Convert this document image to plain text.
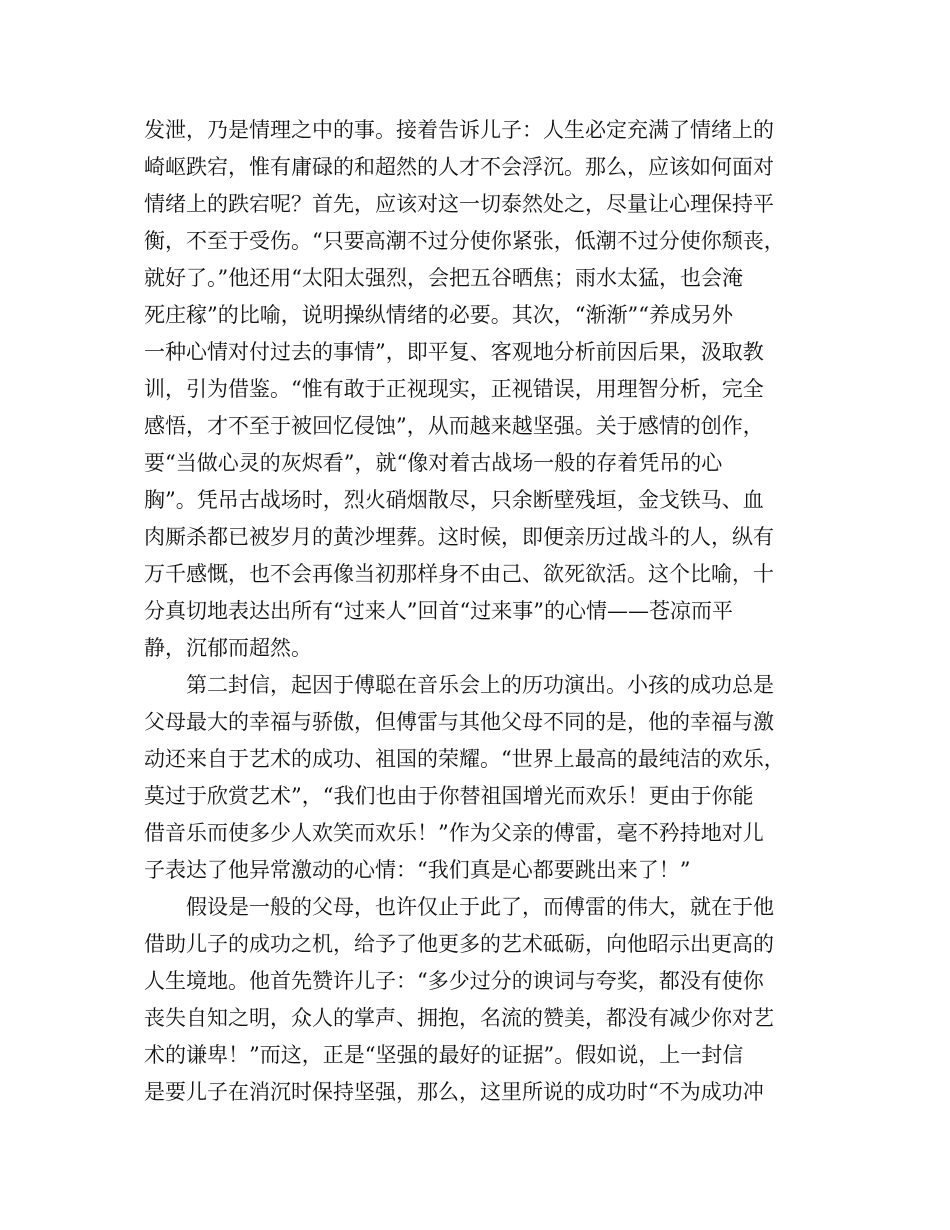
发泄，乃是情理之中的事。接着告诉儿子：人生必定充满了情绪上的
崎岖跌宕，惟有庸碌的和超然的人才不会浮沉。那么，应该如何面对
情绪上的跌宕呢？首先，应该对这一切泰然处之，尽量让心理保持平
衡，不至于受伤。“只要高潮不过分使你紧张，低潮不过分使你颓丧，
就好了。”他还用“太阳太强烈，会把五谷晒焦；雨水太猛，也会淹
死庄稼”的比喻，说明操纵情绪的必要。其次，“渐渐”“养成另外
一种心情对付过去的事情”，即平复、客观地分析前因后果，汲取教
训，引为借鉴。“惟有敢于正视现实，正视错误，用理智分析，完全
感悟，才不至于被回忆侵蚀”，从而越来越坚强。关于感情的创作，
要“当做心灵的灰烬看”，就“像对着古战场一般的存着凭吊的心
胸”。凭吊古战场时，烈火硝烟散尽，只余断壁残垣，金戈铁马、血
肉厮杀都已被岁月的黄沙埋葬。这时候，即便亲历过战斗的人，纵有
万千感慨，也不会再像当初那样身不由己、欲死欲活。这个比喻，十
分真切地表达出所有“过来人”回首“过来事”的心情——苍凉而平
静，沉郁而超然。
第二封信，起因于傅聪在音乐会上的历功演出。小孩的成功总是
父母最大的幸福与骄傲，但傅雷与其他父母不同的是，他的幸福与激
动还来自于艺术的成功、祖国的荣耀。“世界上最高的最纯洁的欢乐，
莫过于欣赏艺术”，“我们也由于你替祖国增光而欢乐！更由于你能
借音乐而使多少人欢笑而欢乐！”作为父亲的傅雷，毫不矜持地对儿
子表达了他异常激动的心情：“我们真是心都要跳出来了！”
假设是一般的父母，也许仅止于此了，而傅雷的伟大，就在于他
借助儿子的成功之机，给予了他更多的艺术砥砺，向他昭示出更高的
人生境地。他首先赞许儿子：“多少过分的谀词与夸奖，都没有使你
丧失自知之明，众人的掌声、拥抱，名流的赞美，都没有减少你对艺
术的谦卑！”而这，正是“坚强的最好的证据”。假如说，上一封信
是要儿子在消沉时保持坚强，那么，这里所说的成功时“不为成功冲
